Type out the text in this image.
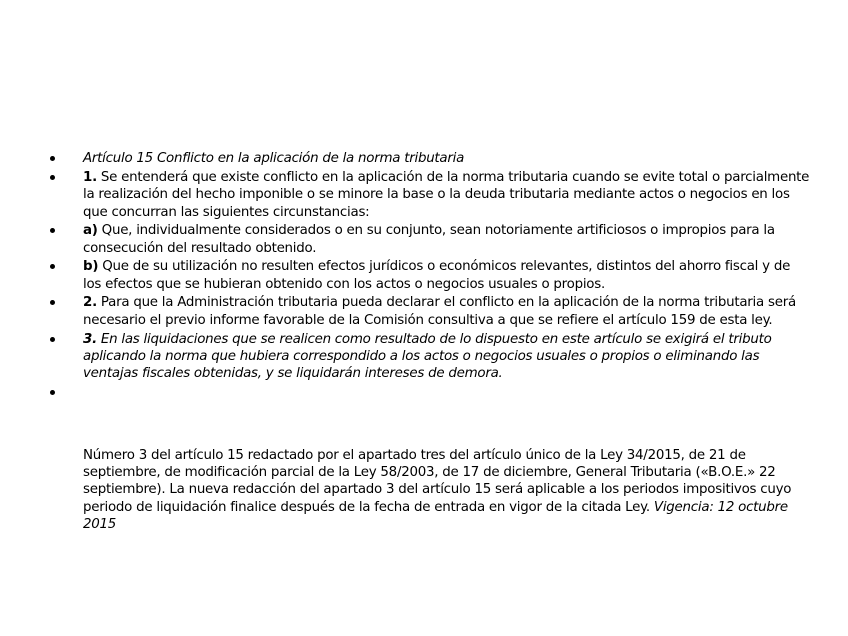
Artículo 15 Conflicto en la aplicación de la norma tributaria
1. Se entenderá que existe conflicto en la aplicación de la norma tributaria cuando se evite total o parcialmente la realización del hecho imponible o se minore la base o la deuda tributaria mediante actos o negocios en los que concurran las siguientes circunstancias:
a) Que, individualmente considerados o en su conjunto, sean notoriamente artificiosos o impropios para la consecución del resultado obtenido.
b) Que de su utilización no resulten efectos jurídicos o económicos relevantes, distintos del ahorro fiscal y de los efectos que se hubieran obtenido con los actos o negocios usuales o propios.
2. Para que la Administración tributaria pueda declarar el conflicto en la aplicación de la norma tributaria será necesario el previo informe favorable de la Comisión consultiva a que se refiere el artículo 159 de esta ley.
3. En las liquidaciones que se realicen como resultado de lo dispuesto en este artículo se exigirá el tributo aplicando la norma que hubiera correspondido a los actos o negocios usuales o propios o eliminando las ventajas fiscales obtenidas, y se liquidarán intereses de demora.

Número 3 del artículo 15 redactado por el apartado tres del artículo único de la Ley 34/2015, de 21 de septiembre, de modificación parcial de la Ley 58/2003, de 17 de diciembre, General Tributaria («B.O.E.» 22 septiembre). La nueva redacción del apartado 3 del artículo 15 será aplicable a los periodos impositivos cuyo periodo de liquidación finalice después de la fecha de entrada en vigor de la citada Ley. Vigencia: 12 octubre 2015
